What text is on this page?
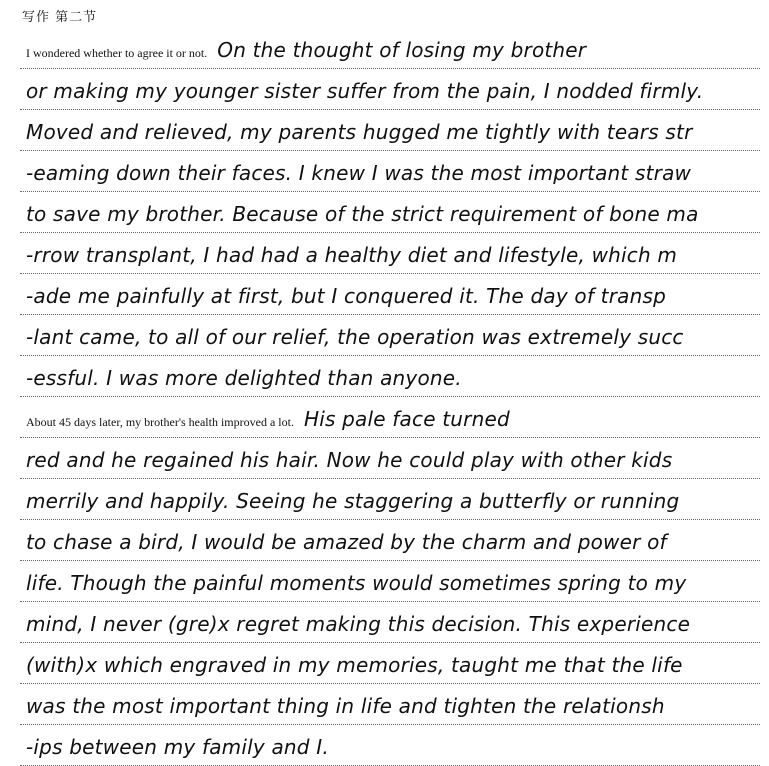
写作 第二节
I wondered whether to agree it or not. On the thought of losing my brother
or making my younger sister suffer from the pain, I nodded firmly.
Moved and relieved, my parents hugged me tightly with tears str
-eaming down their faces. I knew I was the most important straw
to save my brother. Because of the strict requirement of bone ma
-rrow transplant, I had had a healthy diet and lifestyle, which m
-ade me painfully at first, but I conquered it. The day of transp
-lant came, to all of our relief, the operation was extremely succ
-essful. I was more delighted than anyone.
About 45 days later, my brother's health improved a lot. His pale face turned
red and he regained his hair. Now he could play with other kids
merrily and happily. Seeing he staggering a butterfly or running
to chase a bird, I would be amazed by the charm and power of
life. Though the painful moments would sometimes spring to my
mind, I never (gre)x regret making this decision. This experience
(with)x which engraved in my memories, taught me that the life
was the most important thing in life and tighten the relationsh
-ips between my family and I.
